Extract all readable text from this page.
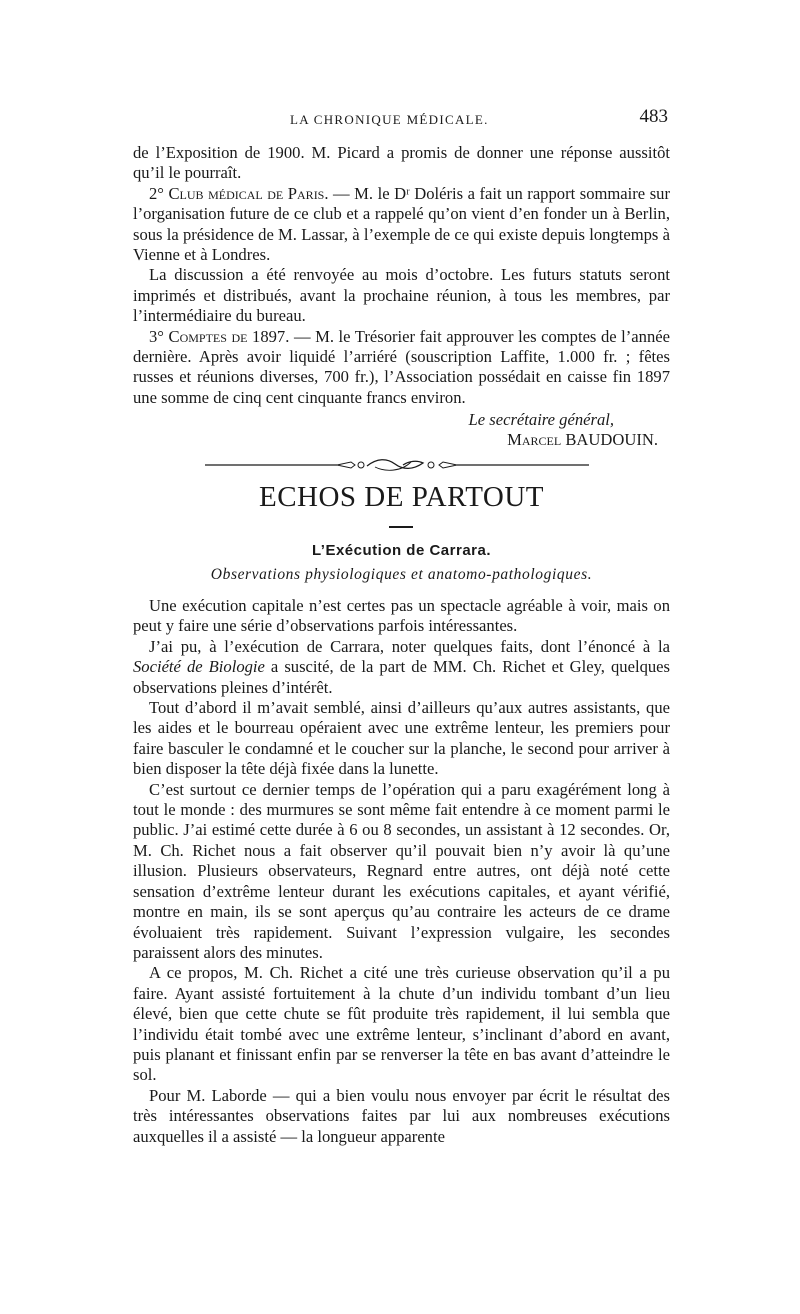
LA CHRONIQUE MÉDICALE.	483

de l’Exposition de 1900. M. Picard a promis de donner une réponse aussitôt qu’il le pourraît.

2° Club médical de Paris. — M. le Dʳ Doléris a fait un rapport sommaire sur l’organisation future de ce club et a rappelé qu’on vient d’en fonder un à Berlin, sous la présidence de M. Lassar, à l’exemple de ce qui existe depuis longtemps à Vienne et à Londres.

La discussion a été renvoyée au mois d’octobre. Les futurs statuts seront imprimés et distribués, avant la prochaine réunion, à tous les membres, par l’intermédiaire du bureau.

3° Comptes de 1897. — M. le Trésorier fait approuver les comptes de l’année dernière. Après avoir liquidé l’arriéré (souscription Laffite, 1.000 fr. ; fêtes russes et réunions diverses, 700 fr.), l’Association possédait en caisse fin 1897 une somme de cinq cent cinquante francs environ.

Le secrétaire général,
Marcel BAUDOUIN.
ECHOS DE PARTOUT
L’Exécution de Carrara.
Observations physiologiques et anatomo-pathologiques.

Une exécution capitale n’est certes pas un spectacle agréable à voir, mais on peut y faire une série d’observations parfois intéressantes.

J’ai pu, à l’exécution de Carrara, noter quelques faits, dont l’énoncé à la Société de Biologie a suscité, de la part de MM. Ch. Richet et Gley, quelques observations pleines d’intérêt.

Tout d’abord il m’avait semblé, ainsi d’ailleurs qu’aux autres assistants, que les aides et le bourreau opéraient avec une extrême lenteur, les premiers pour faire basculer le condamné et le coucher sur la planche, le second pour arriver à bien disposer la tête déjà fixée dans la lunette.

C’est surtout ce dernier temps de l’opération qui a paru exagérément long à tout le monde : des murmures se sont même fait entendre à ce moment parmi le public. J’ai estimé cette durée à 6 ou 8 secondes, un assistant à 12 secondes. Or, M. Ch. Richet nous a fait observer qu’il pouvait bien n’y avoir là qu’une illusion. Plusieurs observateurs, Regnard entre autres, ont déjà noté cette sensation d’extrême lenteur durant les exécutions capitales, et ayant vérifié, montre en main, ils se sont aperçus qu’au contraire les acteurs de ce drame évoluaient très rapidement. Suivant l’expression vulgaire, les secondes paraissent alors des minutes.

A ce propos, M. Ch. Richet a cité une très curieuse observation qu’il a pu faire. Ayant assisté fortuitement à la chute d’un individu tombant d’un lieu élevé, bien que cette chute se fût produite très rapidement, il lui sembla que l’individu était tombé avec une extrême lenteur, s’inclinant d’abord en avant, puis planant et finissant enfin par se renverser la tête en bas avant d’atteindre le sol.

Pour M. Laborde — qui a bien voulu nous envoyer par écrit le résultat des très intéressantes observations faites par lui aux nombreuses exécutions auxquelles il a assisté — la longueur apparente
